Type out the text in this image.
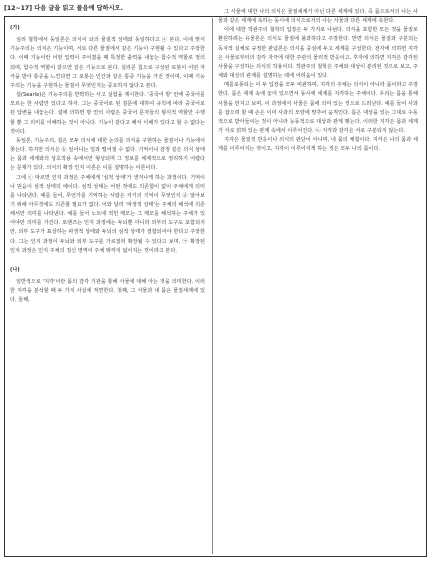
[12~17] 다음 글을 읽고 물음에 답하시오.
(가)

심리 철학에서 동일론은 의식이 뇌의 물질적 상태와 동일하다고 ⓐ 본다. 이에 맞서 기능주의는 의식은 기능이며, 서로 다른 물질에서 같은 기능이 구현될 수 있다고 주장한다. 이때 기능이란 어떤 입력이 주어졌을 때 특정한 출력을 내놓는 함수적 역할로 정의되며, 함수적 역할이 같으면 같은 기능으로 본다. 실리콘 칩으로 구성된 로봇이 어떤 자극을 받아 통증을 느낀다면 그 로봇은 인간과 같은 통증 기능을 가진 것이며, 이때 기능주의는 기능을 구현하는 물질이 무엇인지는 중요하지 않다고 본다.

설(Searle)은 기능주의를 반박하는 사고 실험을 제시한다. '중국어 방' 안에 중국어를 모르는 한 사람만 있다고 하자. 그는 중국어로 된 질문에 대하여 규칙에 따라 중국어로 된 답변을 내놓는다. 설에 의하면 방 안의 사람은 중국어 문자들의 형식적 역할만 수행할 뿐 그 의미를 이해하는 것이 아니다. 기능이 같다고 해서 이해가 있다고 할 수 없다는 것이다.

동일론, 기능주의, 설은 모두 의식에 대한 논의를 의식을 구현하는 물질이나 기능에서 찾는다. 하지만 의식은 ⓑ 일어나는 일과 떨어질 수 없다. 기억이나 감정 같은 의식 상태는 몸과 세계와의 상호작용 속에서만 형성되며 그 정보를 체계적으로 정리하기 어렵다는 문제가 있다. 의식의 확장 인지 이론은 이를 설명하는 이론이다.

그에 ⓒ 따르면 인지 과정은 주체에게 '심적 상태'가 생겨나게 하는 과정이다. 기억이나 믿음이 심적 상태의 예이다. 심적 상태는 어떤 것에도 의존함이 없이 주체에게 의미를 나타낸다. 예를 들어, 무언가를 기억하는 사람은 자기의 기억이 무엇인지 ⓓ 알아보기 위해 아무것에도 의존할 필요가 없다. 이와 달리 '파생적 상태'는 주체의 해석에 의존해서만 의미를 나타낸다. 예를 들어 노트에 적힌 메모는 그 메모를 해석하는 주체가 있어야만 의미를 가진다. 로랜즈는 인지 과정에는 두뇌뿐 아니라 외부의 도구도 포함되지만, 외부 도구가 표상하는 파생적 상태와 두뇌의 심적 상태가 결합되어야 한다고 주장한다. 그는 인지 과정이 두뇌와 외부 도구를 가로질러 확장될 수 있다고 보며, ㉠ 확장된 인지 과정은 인지 주체의 정신 영역이 주체 밖까지 넓어지는 것이라고 본다.

(나)

일반적으로 '지각'이란 몸의 감각 기관을 통해 사물에 대해 아는 것을 의미한다. 이러한 지각을 분석할 때 두 가지 사실에 직면한다. 첫째, 그 사물과 내 몸은 물질세계에 있다. 둘째,

그 사물에 대한 나의 의식은 물질세계가 아닌 다른 세계에 있다. 즉 몸으로서의 나는 사물과 같은 세계에 속하는 동시에 의식으로서의 나는 사물과 다른 세계에 속한다.

이에 대한 객관주의 철학의 입장은 두 가지로 나뉜다. 의식을 포함한 모든 것을 물질로 환원하려는 유물론은 의식도 물질에 불과하다고 주장한다. 반면 의식은 물질과 구분되는 독자적 실체로 규정한 관념론은 의식을 중심에 두고 세계를 구성한다. 전자에 의하면 지각은 사물로부터의 감각 자극에 대한 주관의 물리적 반응이고, 후자에 의하면 지각은 감각된 사물을 구성하는 의식의 작용이다. 객관주의 철학은 주체와 대상이 분리된 것으로 보고, 주체와 대상의 관계를 설명하는 데에 어려움이 있다.

메를로퐁티는 이 두 입장을 모두 비판하며, 지각의 주체는 의식이 아니라 몸이라고 주장한다. 몸은 세계 속에 놓여 있으면서 동시에 세계를 지각하는 주체이다. 우리는 몸을 통해 사물을 만지고 보며, 이 과정에서 사물은 몸에 의미 있는 것으로 드러난다. 예를 들어 사과를 잡으려 할 때 손은 이미 사과의 모양에 맞추어 움직인다. 몸은 대상을 있는 그대로 수동적으로 받아들이는 것이 아니라 능동적으로 대상과 관계 맺는다. 이러한 지각은 몸과 세계가 서로 얽혀 있는 관계 속에서 이루어진다. ㉡ 지각과 감각은 서로 구분되지 않는다.

지각은 물질적 반응이나 의식의 판단이 아니며, 내 몸의 체험이다. 지각은 나의 몸과 세계를 이루어지는 것이고, 지각이 이루어지게 하는 것은 모두 나의 몸이다.
